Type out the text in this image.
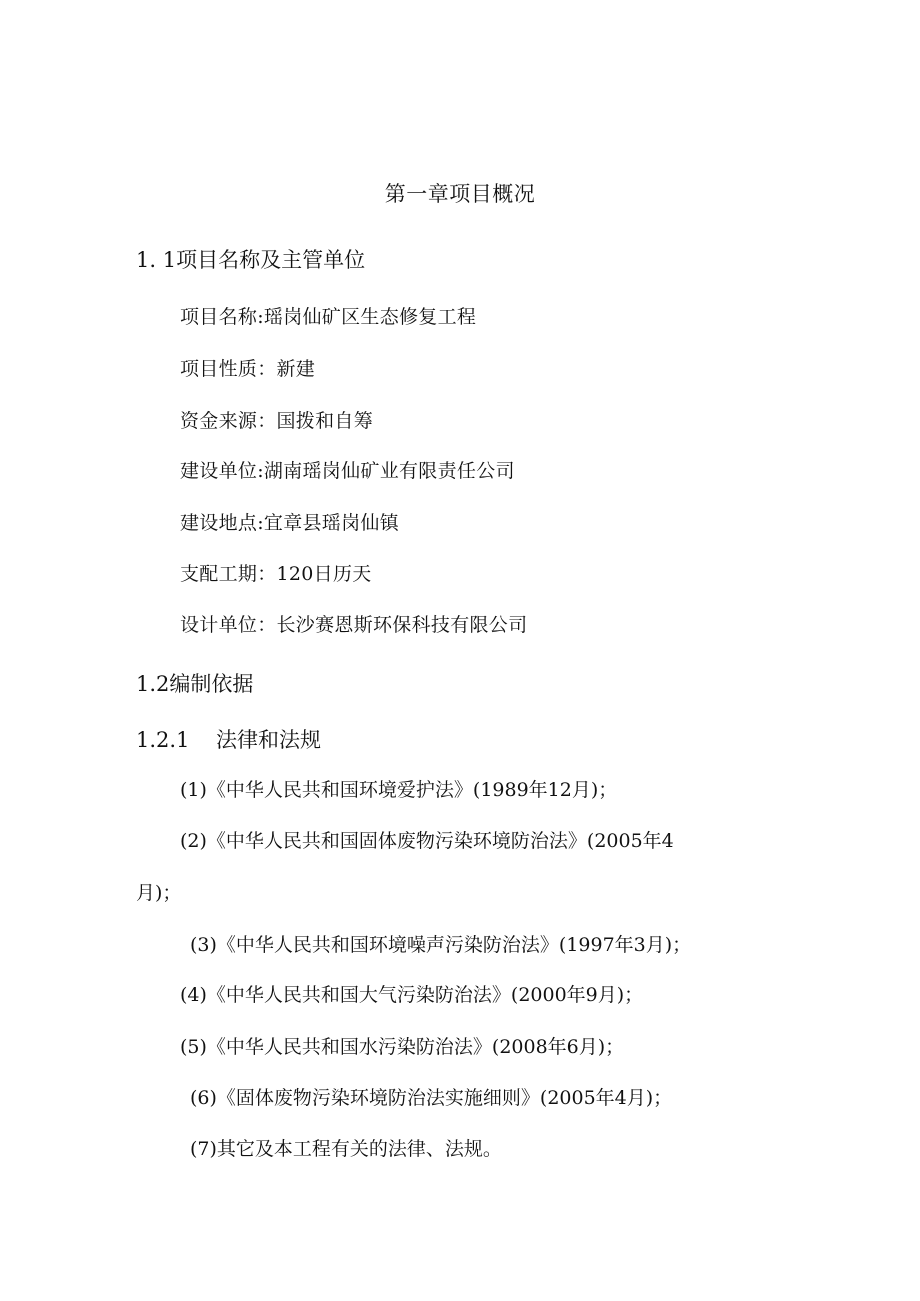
第一章项目概况
1. 1项目名称及主管单位
项目名称:瑶岗仙矿区生态修复工程
项目性质：新建
资金来源：国拨和自筹
建设单位:湖南瑶岗仙矿业有限责任公司
建设地点:宜章县瑶岗仙镇
支配工期：120日历天
设计单位：长沙赛恩斯环保科技有限公司
1.2编制依据
1.2.1 法律和法规
(1)《中华人民共和国环境爱护法》(1989年12月)；
(2)《中华人民共和国固体废物污染环境防治法》(2005年4
月)；
(3)《中华人民共和国环境噪声污染防治法》(1997年3月)；
(4)《中华人民共和国大气污染防治法》(2000年9月)；
(5)《中华人民共和国水污染防治法》(2008年6月)；
(6)《固体废物污染环境防治法实施细则》(2005年4月)；
(7)其它及本工程有关的法律、法规。
